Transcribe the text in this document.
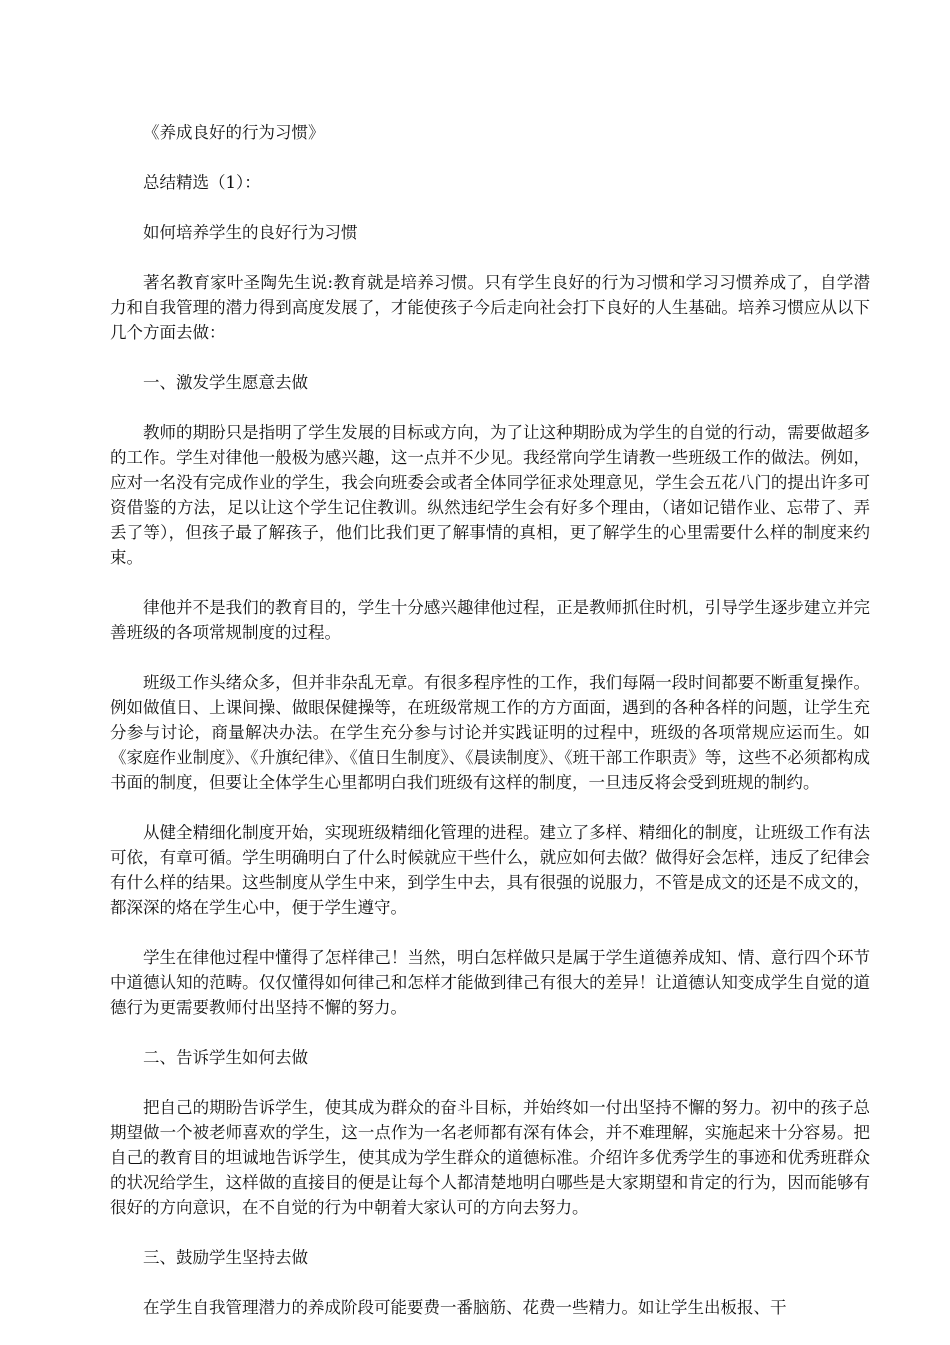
《养成良好的行为习惯》

总结精选（1）：

如何培养学生的良好行为习惯

著名教育家叶圣陶先生说:教育就是培养习惯。只有学生良好的行为习惯和学习习惯养成了，自学潜力和自我管理的潜力得到高度发展了，才能使孩子今后走向社会打下良好的人生基础。培养习惯应从以下几个方面去做：

一、激发学生愿意去做

教师的期盼只是指明了学生发展的目标或方向，为了让这种期盼成为学生的自觉的行动，需要做超多的工作。学生对律他一般极为感兴趣，这一点并不少见。我经常向学生请教一些班级工作的做法。例如，应对一名没有完成作业的学生，我会向班委会或者全体同学征求处理意见，学生会五花八门的提出许多可资借鉴的方法，足以让这个学生记住教训。纵然违纪学生会有好多个理由，（诸如记错作业、忘带了、弄丢了等），但孩子最了解孩子，他们比我们更了解事情的真相，更了解学生的心里需要什么样的制度来约束。

律他并不是我们的教育目的，学生十分感兴趣律他过程，正是教师抓住时机，引导学生逐步建立并完善班级的各项常规制度的过程。

班级工作头绪众多，但并非杂乱无章。有很多程序性的工作，我们每隔一段时间都要不断重复操作。例如做值日、上课间操、做眼保健操等，在班级常规工作的方方面面，遇到的各种各样的问题，让学生充分参与讨论，商量解决办法。在学生充分参与讨论并实践证明的过程中，班级的各项常规应运而生。如《家庭作业制度》、《升旗纪律》、《值日生制度》、《晨读制度》、《班干部工作职责》等，这些不必须都构成书面的制度，但要让全体学生心里都明白我们班级有这样的制度，一旦违反将会受到班规的制约。

从健全精细化制度开始，实现班级精细化管理的进程。建立了多样、精细化的制度，让班级工作有法可依，有章可循。学生明确明白了什么时候就应干些什么，就应如何去做？做得好会怎样，违反了纪律会有什么样的结果。这些制度从学生中来，到学生中去，具有很强的说服力，不管是成文的还是不成文的，都深深的烙在学生心中，便于学生遵守。

学生在律他过程中懂得了怎样律己！当然，明白怎样做只是属于学生道德养成知、情、意行四个环节中道德认知的范畴。仅仅懂得如何律己和怎样才能做到律己有很大的差异！让道德认知变成学生自觉的道德行为更需要教师付出坚持不懈的努力。

二、告诉学生如何去做

把自己的期盼告诉学生，使其成为群众的奋斗目标，并始终如一付出坚持不懈的努力。初中的孩子总期望做一个被老师喜欢的学生，这一点作为一名老师都有深有体会，并不难理解，实施起来十分容易。把自己的教育目的坦诚地告诉学生，使其成为学生群众的道德标准。介绍许多优秀学生的事迹和优秀班群众的状况给学生，这样做的直接目的便是让每个人都清楚地明白哪些是大家期望和肯定的行为，因而能够有很好的方向意识，在不自觉的行为中朝着大家认可的方向去努力。

三、鼓励学生坚持去做

在学生自我管理潜力的养成阶段可能要费一番脑筋、花费一些精力。如让学生出板报、干
